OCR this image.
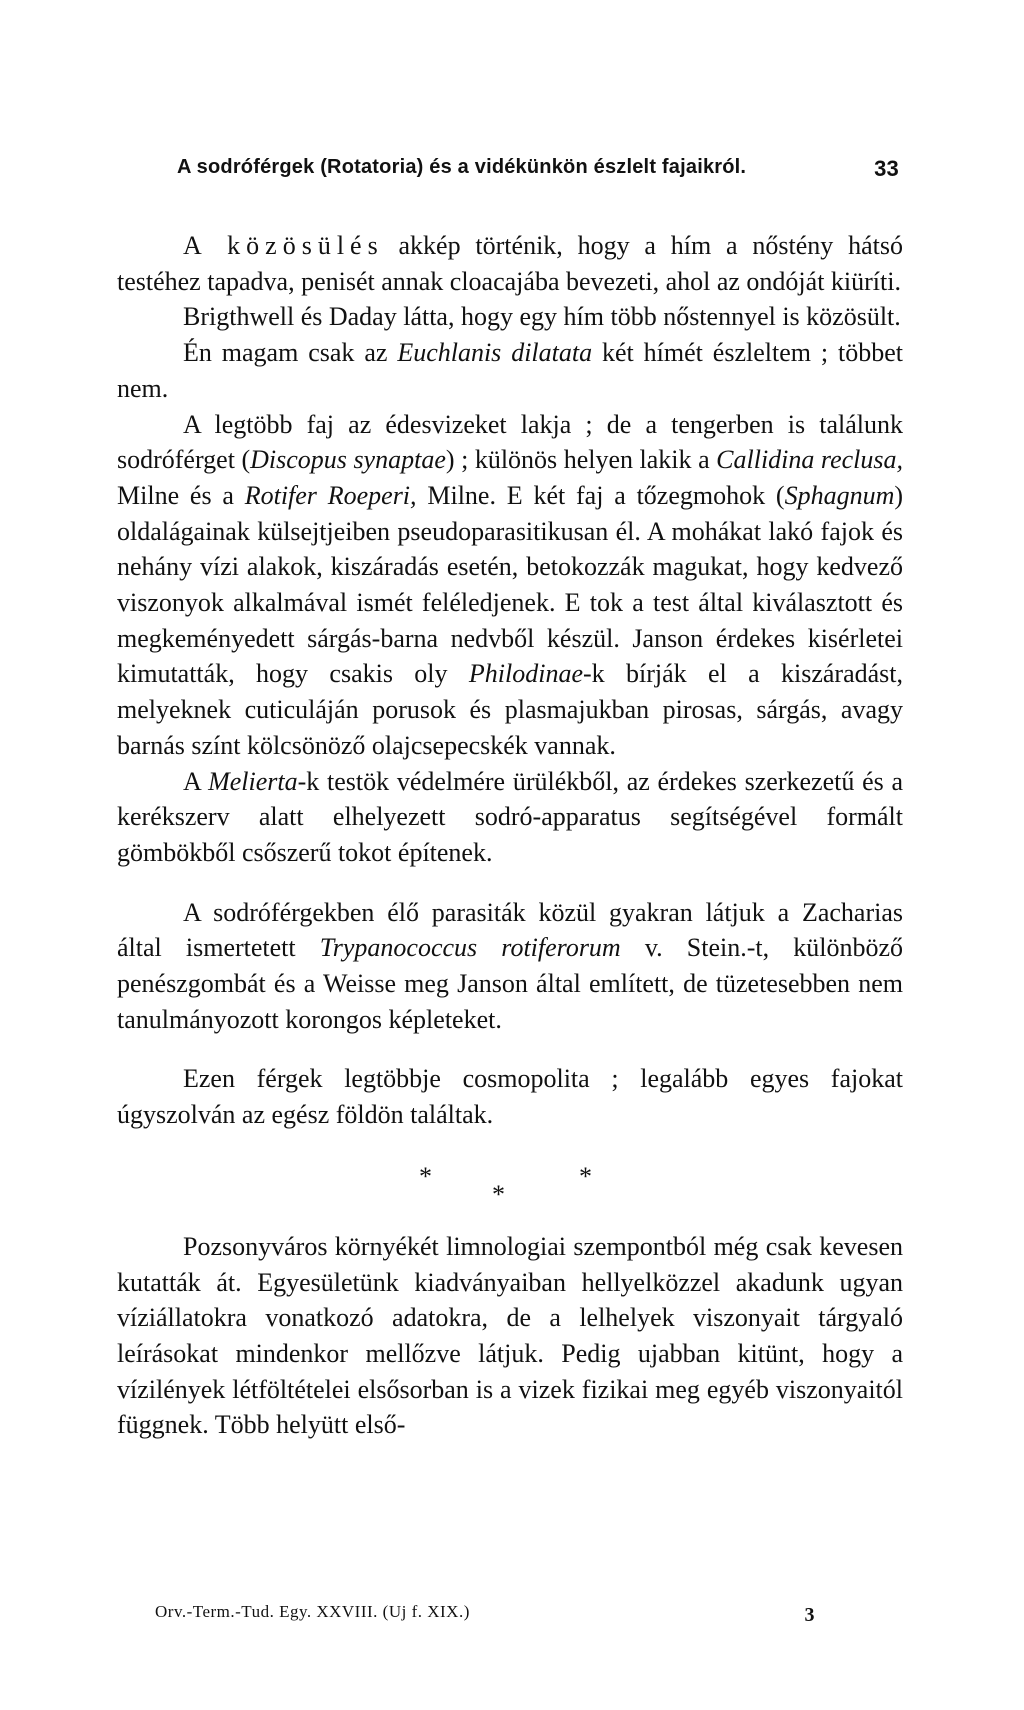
A sodróférgek (Rotatoria) és a vidékünkön észlelt fajaikról.	33

A közösülés akkép történik, hogy a hím a nőstény hátsó testéhez tapadva, penisét annak cloacajába bevezeti, ahol az ondóját kiüríti.

Brigthwell és Daday látta, hogy egy hím több nőstennyel is közösült.

Én magam csak az Euchlanis dilatata két hímét észleltem ; többet nem.

A legtöbb faj az édesvizeket lakja ; de a tengerben is találunk sodróférget (Discopus synaptae) ; különös helyen lakik a Callidina reclusa, Milne és a Rotifer Roeperi, Milne. E két faj a tőzegmohok (Sphagnum) oldalágainak külsejtjeiben pseudoparasitikusan él. A mohákat lakó fajok és nehány vízi alakok, kiszáradás esetén, betokozzák magukat, hogy kedvező viszonyok alkalmával ismét feléledjenek. E tok a test által kiválasztott és megkeményedett sárgás-barna nedvből készül. Janson érdekes kisérletei kimutatták, hogy csakis oly Philodinae-k bírják el a kiszáradást, melyeknek cuticuláján porusok és plasmajukban pirosas, sárgás, avagy barnás színt kölcsönöző olajcsepecskék vannak.

A Melierta-k testök védelmére ürülékből, az érdekes szerkezetű és a kerékszerv alatt elhelyezett sodró-apparatus segítségével formált gömbökből csőszerű tokot építenek.

A sodróférgekben élő parasiták közül gyakran látjuk a Zacharias által ismertetett Trypanococcus rotiferorum v. Stein.-t, különböző penészgombát és a Weisse meg Janson által említett, de tüzetesebben nem tanulmányozott korongos képleteket.

Ezen férgek legtöbbje cosmopolita ; legalább egyes fajokat úgyszolván az egész földön találtak.

*
*
*

Pozsonyváros környékét limnologiai szempontból még csak kevesen kutatták át. Egyesületünk kiadványaiban hellyelközzel akadunk ugyan víziállatokra vonatkozó adatokra, de a lelhelyek viszonyait tárgyaló leírásokat mindenkor mellőzve látjuk. Pedig ujabban kitünt, hogy a vízilények létföltételei elsősorban is a vizek fizikai meg egyéb viszonyaitól függnek. Több helyütt első-

Orv.-Term.-Tud. Egy. XXVIII. (Uj f. XIX.)	3
